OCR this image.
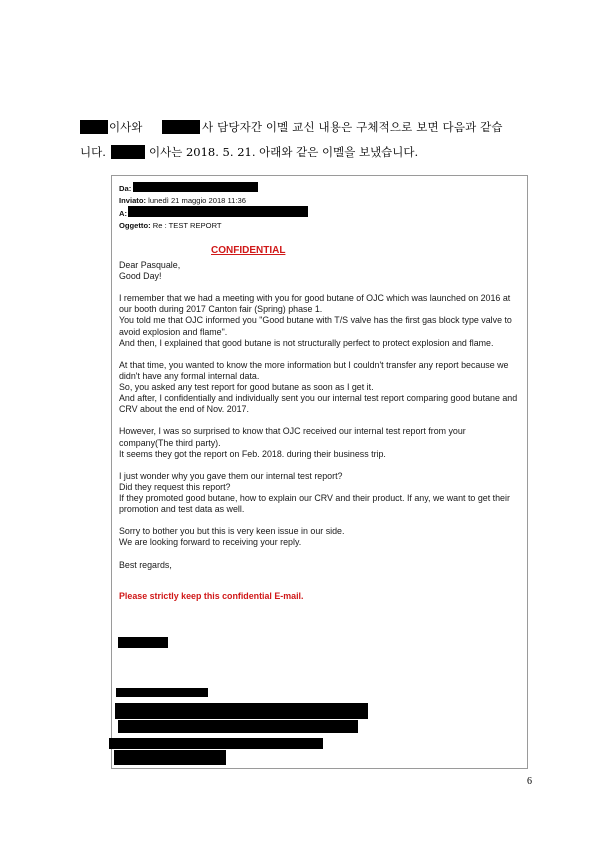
이사와	사 담당자간 이멜 교신 내용은 구체적으로 보면 다음과 같습
니다.	이사는 2018. 5. 21. 아래와 같은 이멜을 보냈습니다.
Da:
Inviato: lunedì 21 maggio 2018 11:36
A:
Oggetto: Re : TEST REPORT
CONFIDENTIAL

Dear Pasquale,

Good Day!

I remember that we had a meeting with you for good butane of OJC which was launched on 2016 at our booth during 2017 Canton fair (Spring) phase 1.

You told me that OJC informed you "Good butane with T/S valve has the first gas block type valve to avoid explosion and flame".

And then, I explained that good butane is not structurally perfect to protect explosion and flame.

At that time, you wanted to know the more information but I couldn't transfer any report because we didn't have any formal internal data.

So, you asked any test report for good butane as soon as I get it.

And after, I confidentially and individually sent you our internal test report comparing good butane and CRV about the end of Nov. 2017.

However, I was so surprised to know that OJC received our internal test report from your company(The third party).

It seems they got the report on Feb. 2018. during their business trip.

I just wonder why you gave them our internal test report?

Did they request this report?

If they promoted good butane, how to explain our CRV and their product. If any, we want to get their promotion and test data as well.

Sorry to bother you but this is very keen issue in our side.

We are looking forward to receiving your reply.

Best regards,

Please strictly keep this confidential E-mail.

6
